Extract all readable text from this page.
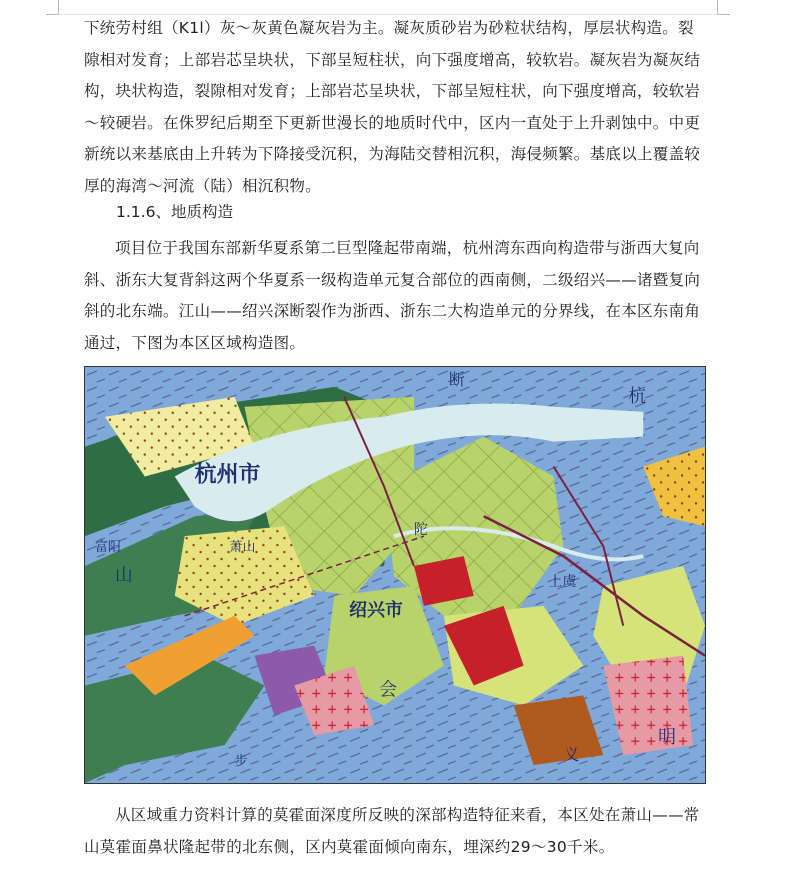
下统劳村组（K1l）灰～灰黄色凝灰岩为主。凝灰质砂岩为砂粒状结构，厚层状构造。裂隙相对发育；上部岩芯呈块状，下部呈短柱状，向下强度增高，较软岩。凝灰岩为凝灰结构，块状构造，裂隙相对发育；上部岩芯呈块状，下部呈短柱状，向下强度增高，较软岩～较硬岩。在侏罗纪后期至下更新世漫长的地质时代中，区内一直处于上升剥蚀中。中更新统以来基底由上升转为下降接受沉积，为海陆交替相沉积，海侵频繁。基底以上覆盖较厚的海湾～河流（陆）相沉积物。

1.1.6、地质构造

项目位于我国东部新华夏系第二巨型隆起带南端，杭州湾东西向构造带与浙西大复向斜、浙东大复背斜这两个华夏系一级构造单元复合部位的西南侧，二级绍兴——诸暨复向斜的北东端。江山——绍兴深断裂作为浙西、浙东二大构造单元的分界线，在本区东南角通过，下图为本区区域构造图。

杭州市
杭
绍兴市
断
富阳
上虞
明
山
陀
萧山
会
步	义

从区域重力资料计算的莫霍面深度所反映的深部构造特征来看，本区处在萧山——常山莫霍面鼻状隆起带的北东侧，区内莫霍面倾向南东，埋深约29～30千米。
